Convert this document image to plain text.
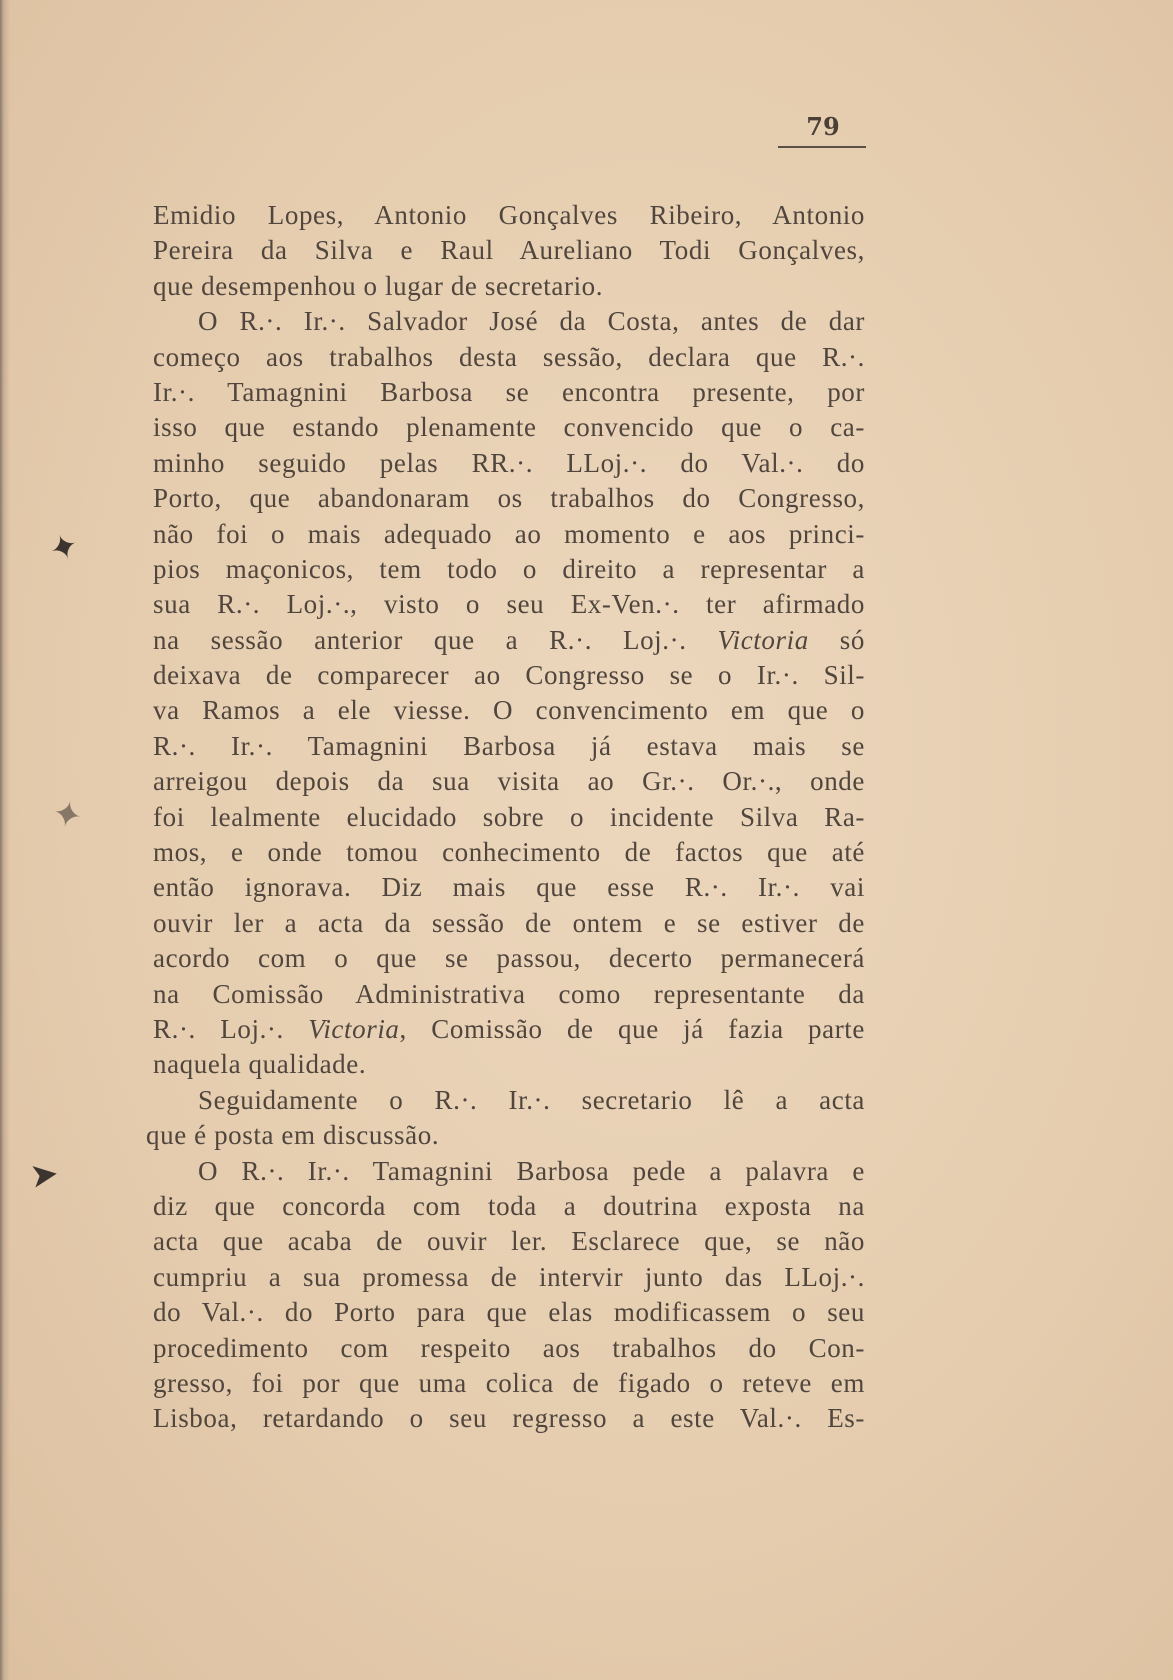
79
✦
✦
➤
Emidio Lopes, Antonio Gonçalves Ribeiro, Antonio
Pereira da Silva e Raul Aureliano Todi Gonçalves,
que desempenhou o lugar de secretario.
O R.·. Ir.·. Salvador José da Costa, antes de dar
começo aos trabalhos desta sessão, declara que R.·.
Ir.·. Tamagnini Barbosa se encontra presente, por
isso que estando plenamente convencido que o ca-
minho seguido pelas RR.·. LLoj.·. do Val.·. do
Porto, que abandonaram os trabalhos do Congresso,
não foi o mais adequado ao momento e aos princi-
pios maçonicos, tem todo o direito a representar a
sua R.·. Loj.·., visto o seu Ex-Ven.·. ter afirmado
na sessão anterior que a R.·. Loj.·. Victoria só
deixava de comparecer ao Congresso se o Ir.·. Sil-
va Ramos a ele viesse. O convencimento em que o
R.·. Ir.·. Tamagnini Barbosa já estava mais se
arreigou depois da sua visita ao Gr.·. Or.·., onde
foi lealmente elucidado sobre o incidente Silva Ra-
mos, e onde tomou conhecimento de factos que até
então ignorava. Diz mais que esse R.·. Ir.·. vai
ouvir ler a acta da sessão de ontem e se estiver de
acordo com o que se passou, decerto permanecerá
na Comissão Administrativa como representante da
R.·. Loj.·. Victoria, Comissão de que já fazia parte
naquela qualidade.
Seguidamente o R.·. Ir.·. secretario lê a acta
que é posta em discussão.
O R.·. Ir.·. Tamagnini Barbosa pede a palavra e
diz que concorda com toda a doutrina exposta na
acta que acaba de ouvir ler. Esclarece que, se não
cumpriu a sua promessa de intervir junto das LLoj.·.
do Val.·. do Porto para que elas modificassem o seu
procedimento com respeito aos trabalhos do Con-
gresso, foi por que uma colica de figado o reteve em
Lisboa, retardando o seu regresso a este Val.·. Es-
